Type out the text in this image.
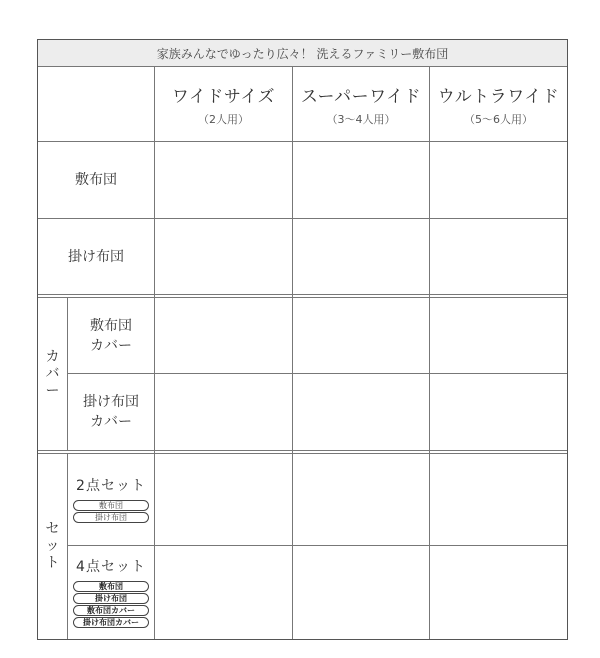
家族みんなでゆったり広々！ 洗えるファミリー敷布団
ワイドサイズ
（2人用）
スーパーワイド
（3〜4人用）
ウルトラワイド
（5〜6人用）
敷布団
掛け布団
カ
バ
ー
敷布団
カバー
掛け布団
カバー
セ
ッ
ト
2点セット
敷布団
掛け布団
4点セット
敷布団
掛け布団
敷布団カバー
掛け布団カバー
